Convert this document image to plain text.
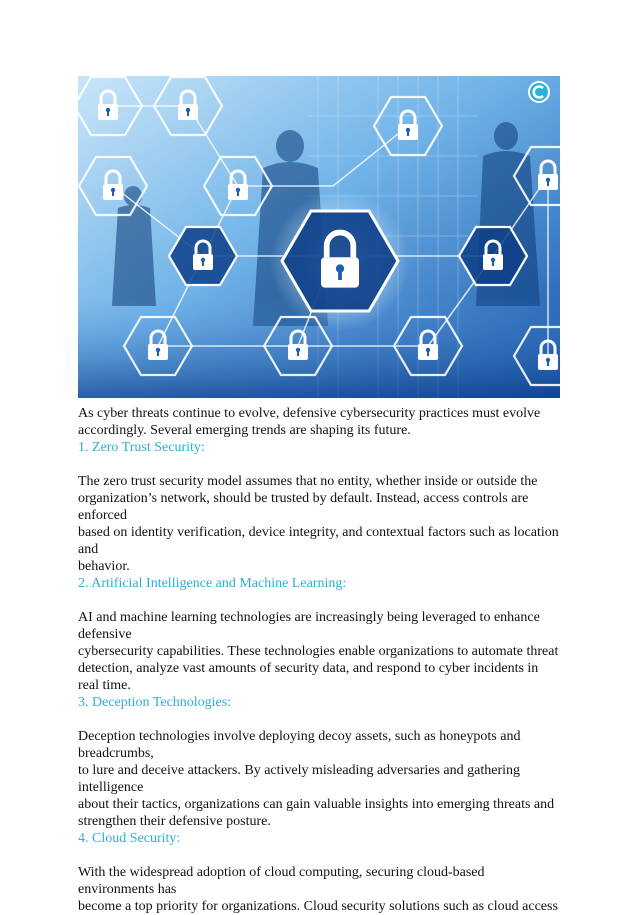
As cyber threats continue to evolve, defensive cybersecurity practices must evolve
accordingly. Several emerging trends are shaping its future.

1. Zero Trust Security:

The zero trust security model assumes that no entity, whether inside or outside the
organization’s network, should be trusted by default. Instead, access controls are enforced
based on identity verification, device integrity, and contextual factors such as location and
behavior.

2. Artificial Intelligence and Machine Learning:

AI and machine learning technologies are increasingly being leveraged to enhance defensive
cybersecurity capabilities. These technologies enable organizations to automate threat
detection, analyze vast amounts of security data, and respond to cyber incidents in real time.

3. Deception Technologies:

Deception technologies involve deploying decoy assets, such as honeypots and breadcrumbs,
to lure and deceive attackers. By actively misleading adversaries and gathering intelligence
about their tactics, organizations can gain valuable insights into emerging threats and
strengthen their defensive posture.

4. Cloud Security:

With the widespread adoption of cloud computing, securing cloud-based environments has
become a top priority for organizations. Cloud security solutions such as cloud access
